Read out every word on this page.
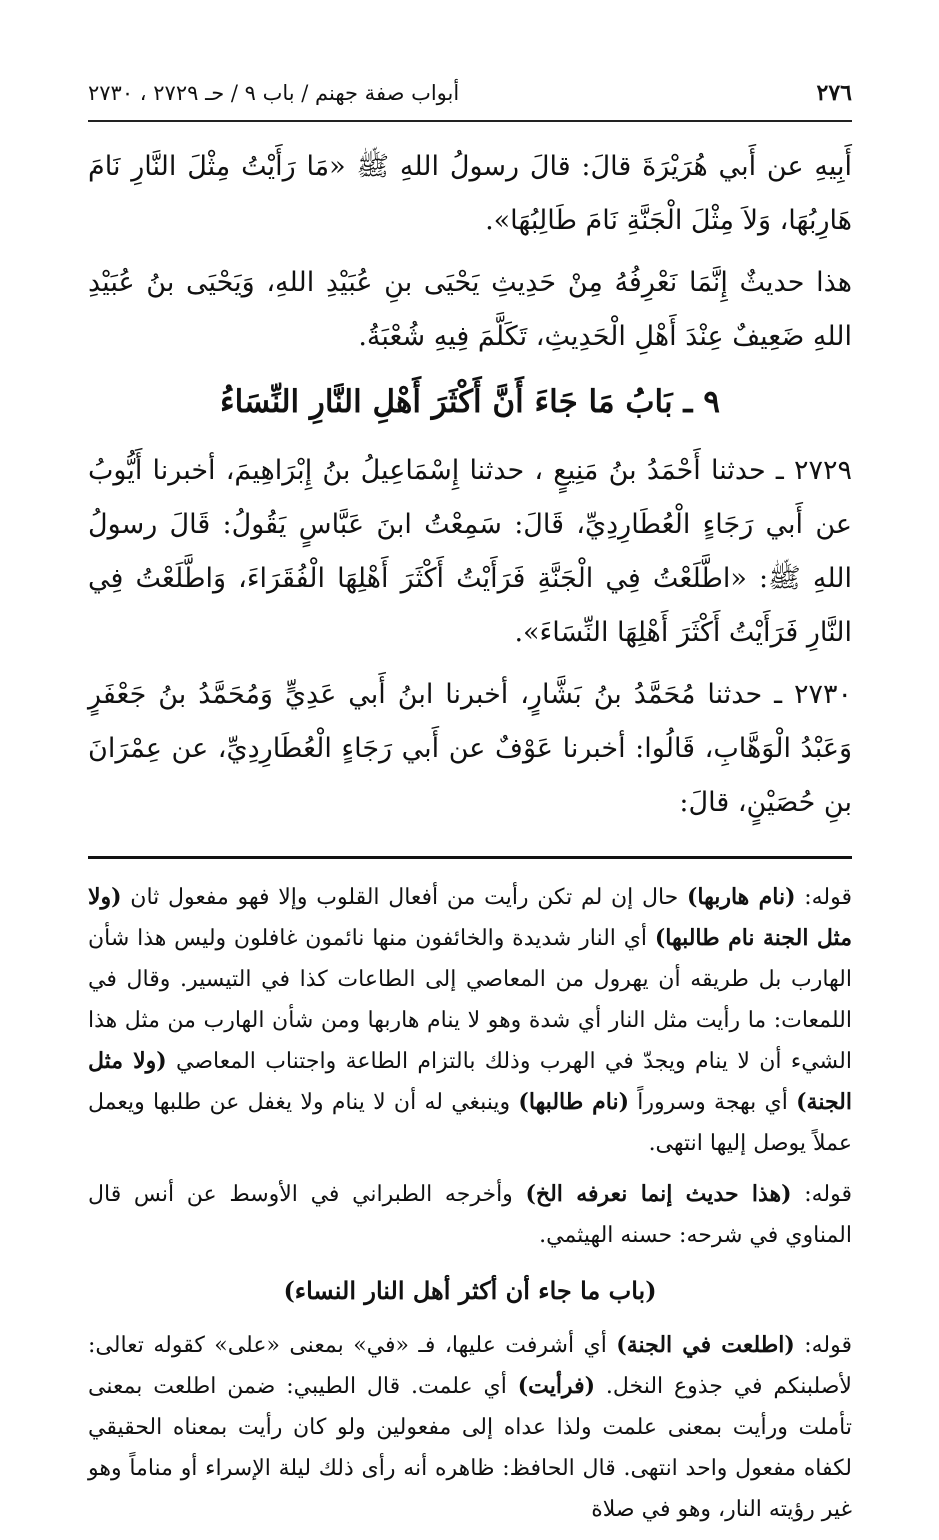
٢٧٦
أبواب صفة جهنم / باب ٩ / حـ ٢٧٢٩ ، ٢٧٣٠

أَبِيهِ عن أَبي هُرَيْرَةَ قالَ: قالَ رسولُ اللهِ ﷺ «مَا رَأَيْتُ مِثْلَ النَّارِ نَامَ هَارِبُهَا، وَلاَ مِثْلَ الْجَنَّةِ نَامَ طَالِبُهَا».

هذا حديثٌ إِنَّمَا نَعْرِفُهُ مِنْ حَدِيثِ يَحْيَى بنِ عُبَيْدِ اللهِ، وَيَحْيَى بنُ عُبَيْدِ اللهِ ضَعِيفٌ عِنْدَ أَهْلِ الْحَدِيثِ، تَكَلَّمَ فِيهِ شُعْبَةُ.

٩ ـ بَابُ مَا جَاءَ أَنَّ أَكْثَرَ أَهْلِ النَّارِ النِّسَاءُ

٢٧٢٩ ـ حدثنا أَحْمَدُ بنُ مَنِيعٍ ، حدثنا إِسْمَاعِيلُ بنُ إِبْرَاهِيمَ، أخبرنا أَيُّوبُ عن أَبي رَجَاءٍ الْعُطَارِدِيِّ، قَالَ: سَمِعْتُ ابنَ عَبَّاسٍ يَقُولُ: قَالَ رسولُ اللهِ ﷺ: «اطَّلَعْتُ فِي الْجَنَّةِ فَرَأَيْتُ أَكْثَرَ أَهْلِهَا الْفُقَرَاءَ، وَاطَّلَعْتُ فِي النَّارِ فَرَأَيْتُ أَكْثَرَ أَهْلِهَا النِّسَاءَ».

٢٧٣٠ ـ حدثنا مُحَمَّدُ بنُ بَشَّارٍ، أخبرنا ابنُ أَبي عَدِيٍّ وَمُحَمَّدُ بنُ جَعْفَرٍ وَعَبْدُ الْوَهَّابِ، قَالُوا: أخبرنا عَوْفٌ عن أَبي رَجَاءٍ الْعُطَارِدِيِّ، عن عِمْرَانَ بنِ حُصَيْنٍ، قالَ:

قوله: (نام هاربها) حال إن لم تكن رأيت من أفعال القلوب وإلا فهو مفعول ثان (ولا مثل الجنة نام طالبها) أي النار شديدة والخائفون منها نائمون غافلون وليس هذا شأن الهارب بل طريقه أن يهرول من المعاصي إلى الطاعات كذا في التيسير. وقال في اللمعات: ما رأيت مثل النار أي شدة وهو لا ينام هاربها ومن شأن الهارب من مثل هذا الشيء أن لا ينام ويجدّ في الهرب وذلك بالتزام الطاعة واجتناب المعاصي (ولا مثل الجنة) أي بهجة وسروراً (نام طالبها) وينبغي له أن لا ينام ولا يغفل عن طلبها ويعمل عملاً يوصل إليها انتهى.

قوله: (هذا حديث إنما نعرفه الخ) وأخرجه الطبراني في الأوسط عن أنس قال المناوي في شرحه: حسنه الهيثمي.

(باب ما جاء أن أكثر أهل النار النساء)

قوله: (اطلعت في الجنة) أي أشرفت عليها، فـ «في» بمعنى «على» كقوله تعالى: لأصلبنكم في جذوع النخل. (فرأيت) أي علمت. قال الطيبي: ضمن اطلعت بمعنى تأملت ورأيت بمعنى علمت ولذا عداه إلى مفعولين ولو كان رأيت بمعناه الحقيقي لكفاه مفعول واحد انتهى. قال الحافظ: ظاهره أنه رأى ذلك ليلة الإسراء أو مناماً وهو غير رؤيته النار، وهو في صلاة
